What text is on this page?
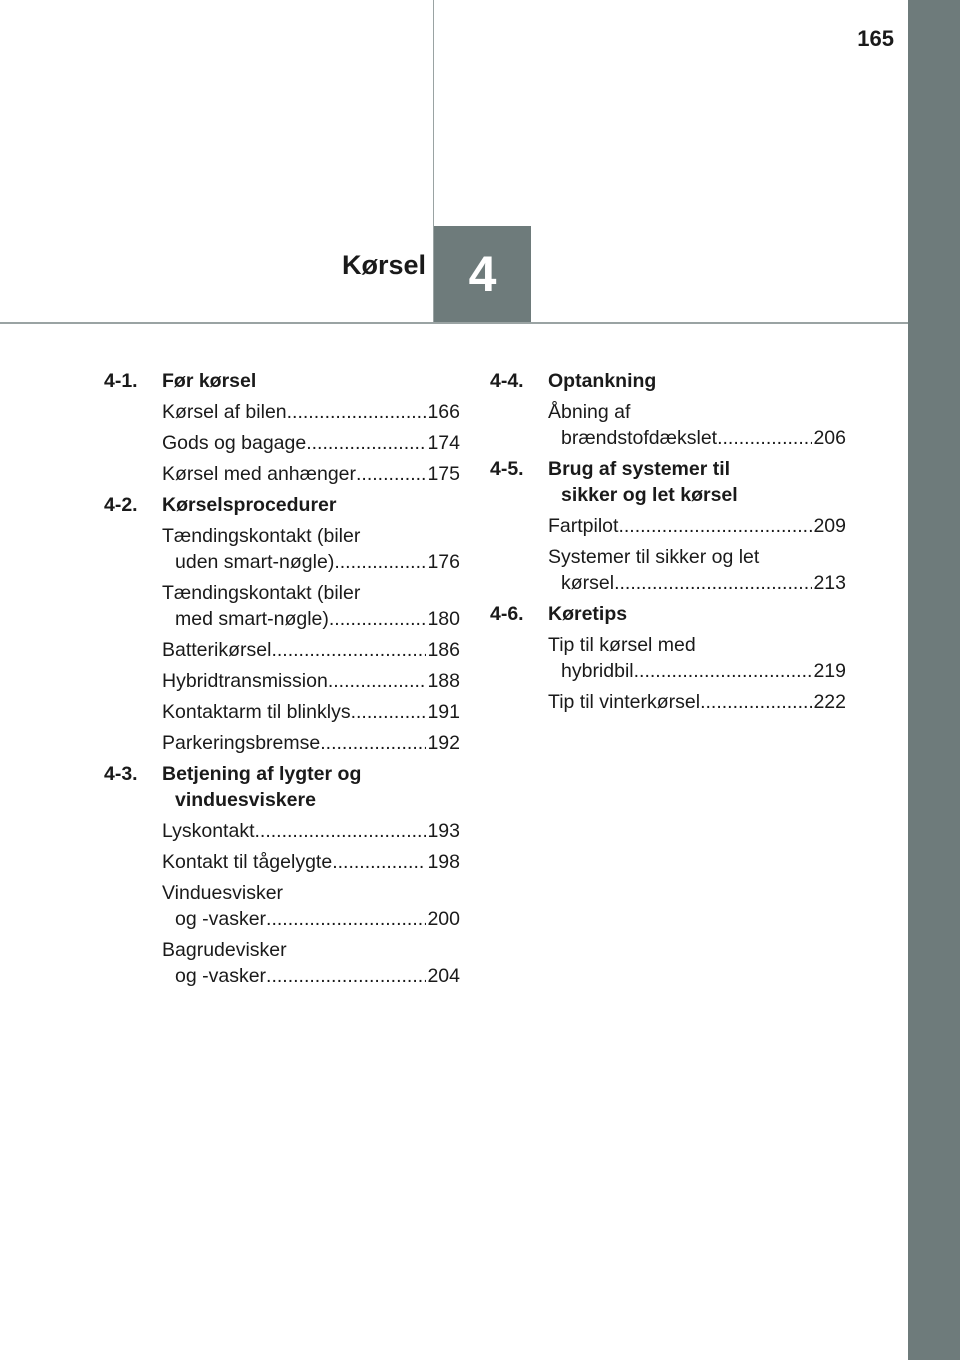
165
Kørsel 4
4-1.	Før kørsel
Kørsel af bilen .....	166
Gods og bagage .....	174
Kørsel med anhænger .....	175
4-2.	Kørselsprocedurer
Tændingskontakt (biler
uden smart-nøgle) .....	176
Tændingskontakt (biler
med smart-nøgle) .....	180
Batterikørsel .....	186
Hybridtransmission .....	188
Kontaktarm til blinklys .....	191
Parkeringsbremse .....	192
4-3.	Betjening af lygter og
vinduesviskere
Lyskontakt .....	193
Kontakt til tågelygte .....	198
Vinduesvisker
og -vasker .....	200
Bagrudevisker
og -vasker .....	204
4-4.	Optankning
Åbning af
brændstofdækslet .....	206
4-5.	Brug af systemer til
sikker og let kørsel
Fartpilot .....	209
Systemer til sikker og let
kørsel .....	213
4-6.	Køretips
Tip til kørsel med
hybridbil .....	219
Tip til vinterkørsel .....	222
